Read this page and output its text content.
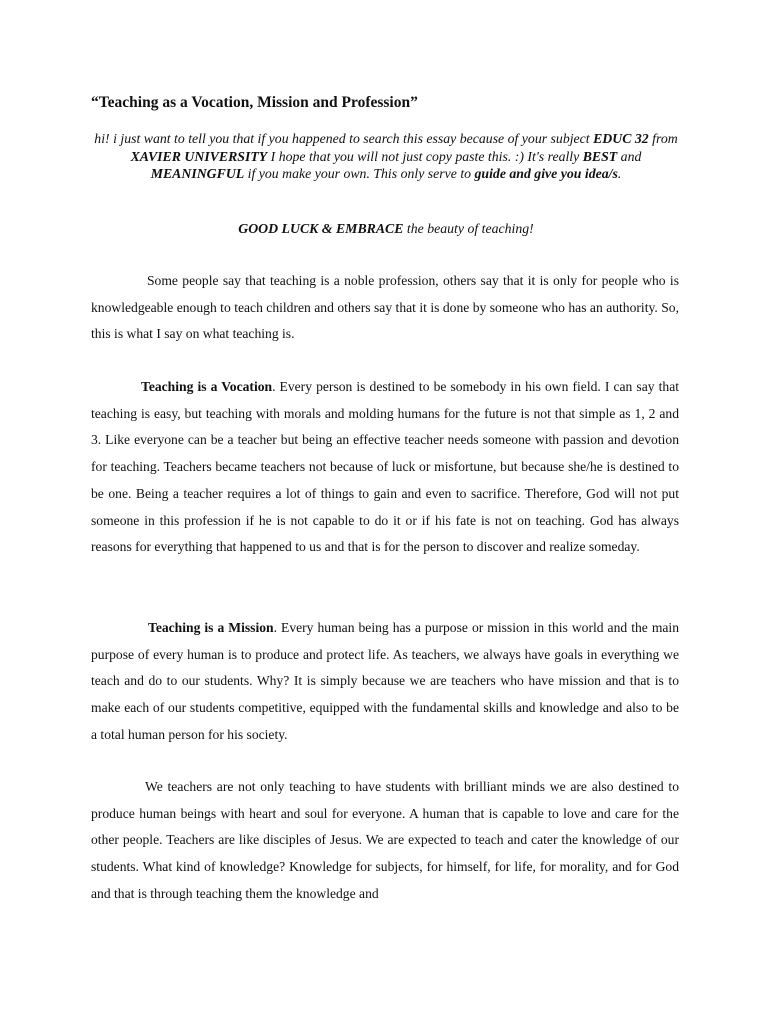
“Teaching as a Vocation, Mission and Profession”

hi! i just want to tell you that if you happened to search this essay because of your subject EDUC 32 from XAVIER UNIVERSITY I hope that you will not just copy paste this. :) It's really BEST and MEANINGFUL if you make your own. This only serve to guide and give you idea/s.

GOOD LUCK & EMBRACE the beauty of teaching!

Some people say that teaching is a noble profession, others say that it is only for people who is knowledgeable enough to teach children and others say that it is done by someone who has an authority. So, this is what I say on what teaching is.

Teaching is a Vocation. Every person is destined to be somebody in his own field. I can say that teaching is easy, but teaching with morals and molding humans for the future is not that simple as 1, 2 and 3. Like everyone can be a teacher but being an effective teacher needs someone with passion and devotion for teaching. Teachers became teachers not because of luck or misfortune, but because she/he is destined to be one. Being a teacher requires a lot of things to gain and even to sacrifice. Therefore, God will not put someone in this profession if he is not capable to do it or if his fate is not on teaching. God has always reasons for everything that happened to us and that is for the person to discover and realize someday.

Teaching is a Mission. Every human being has a purpose or mission in this world and the main purpose of every human is to produce and protect life. As teachers, we always have goals in everything we teach and do to our students. Why? It is simply because we are teachers who have mission and that is to make each of our students competitive, equipped with the fundamental skills and knowledge and also to be a total human person for his society.

We teachers are not only teaching to have students with brilliant minds we are also destined to produce human beings with heart and soul for everyone. A human that is capable to love and care for the other people. Teachers are like disciples of Jesus. We are expected to teach and cater the knowledge of our students. What kind of knowledge? Knowledge for subjects, for himself, for life, for morality, and for God and that is through teaching them the knowledge and
